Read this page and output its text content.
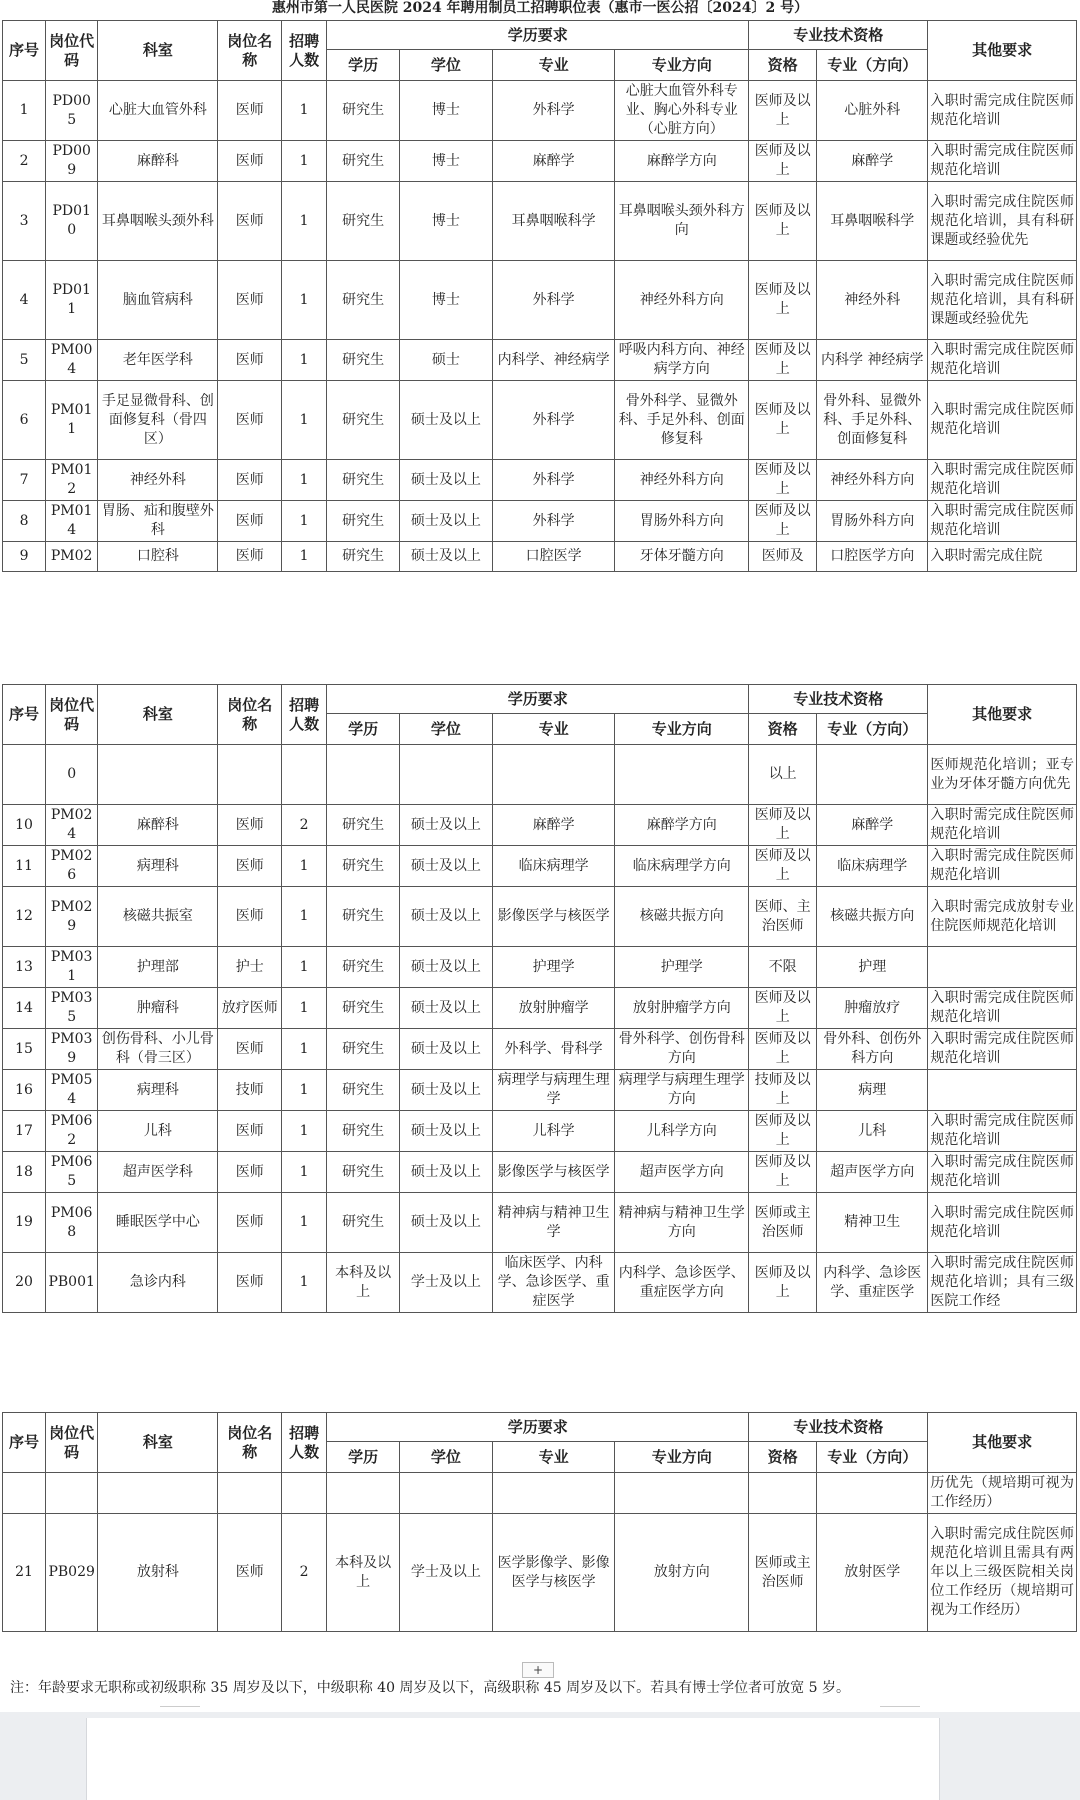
惠州市第一人民医院 2024 年聘用制员工招聘职位表（惠市一医公招〔2024〕2 号）
序号	岗位代码	科室	岗位名称	招聘人数	学历要求				专业技术资格		其他要求
					学历	学位	专业	专业方向	资格	专业（方向）	
1	PD005	心脏大血管外科	医师	1	研究生	博士	外科学	心脏大血管外科专业、胸心外科专业（心脏方向）	医师及以上	心脏外科	入职时需完成住院医师规范化培训
2	PD009	麻醉科	医师	1	研究生	博士	麻醉学	麻醉学方向	医师及以上	麻醉学	入职时需完成住院医师规范化培训
3	PD010	耳鼻咽喉头颈外科	医师	1	研究生	博士	耳鼻咽喉科学	耳鼻咽喉头颈外科方向	医师及以上	耳鼻咽喉科学	入职时需完成住院医师规范化培训，具有科研课题或经验优先
4	PD011	脑血管病科	医师	1	研究生	博士	外科学	神经外科方向	医师及以上	神经外科	入职时需完成住院医师规范化培训，具有科研课题或经验优先
5	PM004	老年医学科	医师	1	研究生	硕士	内科学、神经病学	呼吸内科方向、神经病学方向	医师及以上	内科学 神经病学	入职时需完成住院医师规范化培训
6	PM011	手足显微骨科、创面修复科（骨四区）	医师	1	研究生	硕士及以上	外科学	骨外科学、显微外科、手足外科、创面修复科	医师及以上	骨外科、显微外科、手足外科、创面修复科	入职时需完成住院医师规范化培训
7	PM012	神经外科	医师	1	研究生	硕士及以上	外科学	神经外科方向	医师及以上	神经外科方向	入职时需完成住院医师规范化培训
8	PM014	胃肠、疝和腹壁外科	医师	1	研究生	硕士及以上	外科学	胃肠外科方向	医师及以上	胃肠外科方向	入职时需完成住院医师规范化培训
9	PM02	口腔科	医师	1	研究生	硕士及以上	口腔医学	牙体牙髓方向	医师及	口腔医学方向	入职时需完成住院
序号	岗位代码	科室	岗位名称	招聘人数	学历要求				专业技术资格		其他要求
					学历	学位	专业	专业方向	资格	专业（方向）	
	0								以上		医师规范化培训；亚专业为牙体牙髓方向优先
10	PM024	麻醉科	医师	2	研究生	硕士及以上	麻醉学	麻醉学方向	医师及以上	麻醉学	入职时需完成住院医师规范化培训
11	PM026	病理科	医师	1	研究生	硕士及以上	临床病理学	临床病理学方向	医师及以上	临床病理学	入职时需完成住院医师规范化培训
12	PM029	核磁共振室	医师	1	研究生	硕士及以上	影像医学与核医学	核磁共振方向	医师、主治医师	核磁共振方向	入职时需完成放射专业住院医师规范化培训
13	PM031	护理部	护士	1	研究生	硕士及以上	护理学	护理学	不限	护理	
14	PM035	肿瘤科	放疗医师	1	研究生	硕士及以上	放射肿瘤学	放射肿瘤学方向	医师及以上	肿瘤放疗	入职时需完成住院医师规范化培训
15	PM039	创伤骨科、小儿骨科（骨三区）	医师	1	研究生	硕士及以上	外科学、骨科学	骨外科学、创伤骨科方向	医师及以上	骨外科、创伤外科方向	入职时需完成住院医师规范化培训
16	PM054	病理科	技师	1	研究生	硕士及以上	病理学与病理生理学	病理学与病理生理学方向	技师及以上	病理	
17	PM062	儿科	医师	1	研究生	硕士及以上	儿科学	儿科学方向	医师及以上	儿科	入职时需完成住院医师规范化培训
18	PM065	超声医学科	医师	1	研究生	硕士及以上	影像医学与核医学	超声医学方向	医师及以上	超声医学方向	入职时需完成住院医师规范化培训
19	PM068	睡眠医学中心	医师	1	研究生	硕士及以上	精神病与精神卫生学	精神病与精神卫生学方向	医师或主治医师	精神卫生	入职时需完成住院医师规范化培训
20	PB001	急诊内科	医师	1	本科及以上	学士及以上	临床医学、内科学、急诊医学、重症医学	内科学、急诊医学、重症医学方向	医师及以上	内科学、急诊医学、重症医学	入职时需完成住院医师规范化培训；具有三级医院工作经
序号	岗位代码	科室	岗位名称	招聘人数	学历要求				专业技术资格		其他要求
					学历	学位	专业	专业方向	资格	专业（方向）	
											历优先（规培期可视为工作经历）
21	PB029	放射科	医师	2	本科及以上	学士及以上	医学影像学、影像医学与核医学	放射方向	医师或主治医师	放射医学	入职时需完成住院医师规范化培训且需具有两年以上三级医院相关岗位工作经历（规培期可视为工作经历）
+
注：年龄要求无职称或初级职称 35 周岁及以下，中级职称 40 周岁及以下，高级职称 45 周岁及以下。若具有博士学位者可放宽 5 岁。
